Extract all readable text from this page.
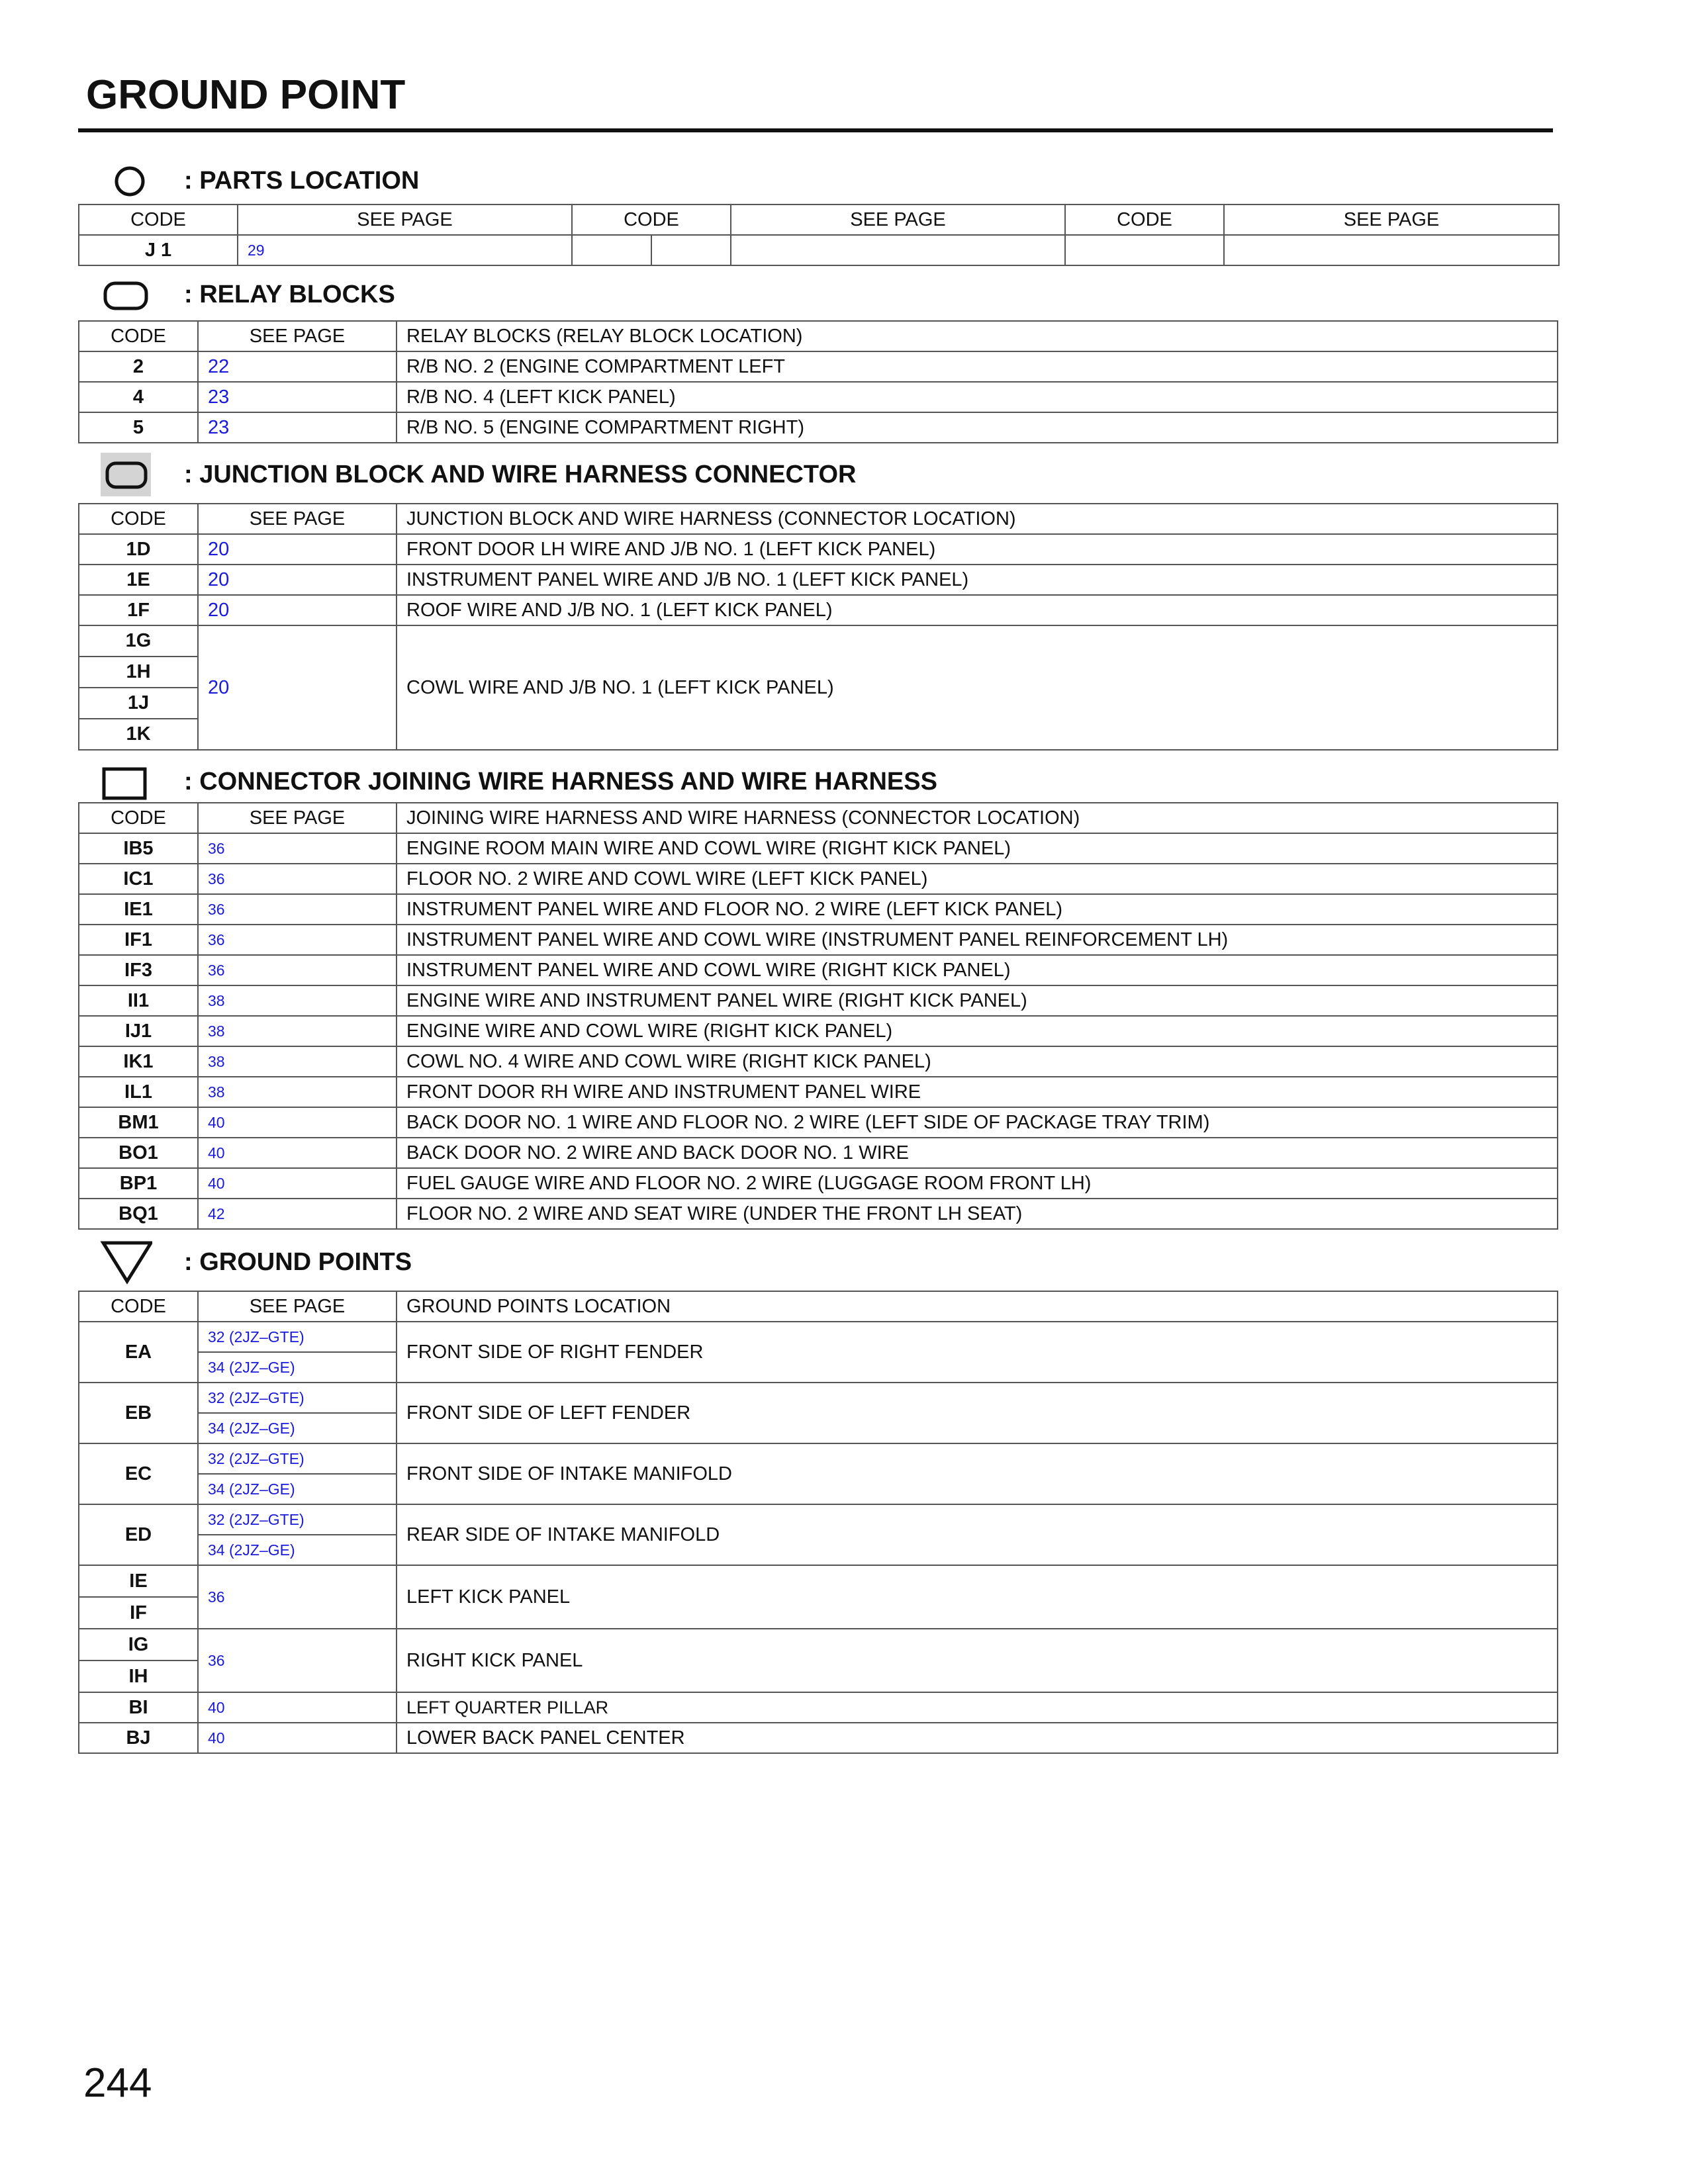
GROUND POINT
: PARTS LOCATION
CODE	SEE PAGE	CODE		SEE PAGE	CODE	SEE PAGE
J 1	29					
: RELAY BLOCKS
CODE	SEE PAGE	RELAY BLOCKS (RELAY BLOCK LOCATION)
2	22	R/B NO. 2 (ENGINE COMPARTMENT LEFT
4	23	R/B NO. 4 (LEFT KICK PANEL)
5	23	R/B NO. 5 (ENGINE COMPARTMENT RIGHT)
: JUNCTION BLOCK AND WIRE HARNESS CONNECTOR
CODE	SEE PAGE	JUNCTION BLOCK AND WIRE HARNESS (CONNECTOR LOCATION)
1D	20	FRONT DOOR LH WIRE AND J/B NO. 1 (LEFT KICK PANEL)
1E	20	INSTRUMENT PANEL WIRE AND J/B NO. 1 (LEFT KICK PANEL)
1F	20	ROOF WIRE AND J/B NO. 1 (LEFT KICK PANEL)
1G	20	COWL WIRE AND J/B NO. 1 (LEFT KICK PANEL)
1H		
1J		
1K		
: CONNECTOR JOINING WIRE HARNESS AND WIRE HARNESS
CODE	SEE PAGE	JOINING WIRE HARNESS AND WIRE HARNESS (CONNECTOR LOCATION)
IB5	36	ENGINE ROOM MAIN WIRE AND COWL WIRE (RIGHT KICK PANEL)
IC1	36	FLOOR NO. 2 WIRE AND COWL WIRE (LEFT KICK PANEL)
IE1	36	INSTRUMENT PANEL WIRE AND FLOOR NO. 2 WIRE (LEFT KICK PANEL)
IF1	36	INSTRUMENT PANEL WIRE AND COWL WIRE (INSTRUMENT PANEL REINFORCEMENT LH)
IF3	36	INSTRUMENT PANEL WIRE AND COWL WIRE (RIGHT KICK PANEL)
II1	38	ENGINE WIRE AND INSTRUMENT PANEL WIRE (RIGHT KICK PANEL)
IJ1	38	ENGINE WIRE AND COWL WIRE (RIGHT KICK PANEL)
IK1	38	COWL NO. 4 WIRE AND COWL WIRE (RIGHT KICK PANEL)
IL1	38	FRONT DOOR RH WIRE AND INSTRUMENT PANEL WIRE
BM1	40	BACK DOOR NO. 1 WIRE AND FLOOR NO. 2 WIRE (LEFT SIDE OF PACKAGE TRAY TRIM)
BO1	40	BACK DOOR NO. 2 WIRE AND BACK DOOR NO. 1 WIRE
BP1	40	FUEL GAUGE WIRE AND FLOOR NO. 2 WIRE (LUGGAGE ROOM FRONT LH)
BQ1	42	FLOOR NO. 2 WIRE AND SEAT WIRE (UNDER THE FRONT LH SEAT)
: GROUND POINTS
CODE	SEE PAGE	GROUND POINTS LOCATION
EA	32 (2JZ–GTE)	FRONT SIDE OF RIGHT FENDER
	34 (2JZ–GE)	
EB	32 (2JZ–GTE)	FRONT SIDE OF LEFT FENDER
	34 (2JZ–GE)	
EC	32 (2JZ–GTE)	FRONT SIDE OF INTAKE MANIFOLD
	34 (2JZ–GE)	
ED	32 (2JZ–GTE)	REAR SIDE OF INTAKE MANIFOLD
	34 (2JZ–GE)	
IE	36	LEFT KICK PANEL
IF		
IG	36	RIGHT KICK PANEL
IH		
BI	40	LEFT QUARTER PILLAR
BJ	40	LOWER BACK PANEL CENTER
244
